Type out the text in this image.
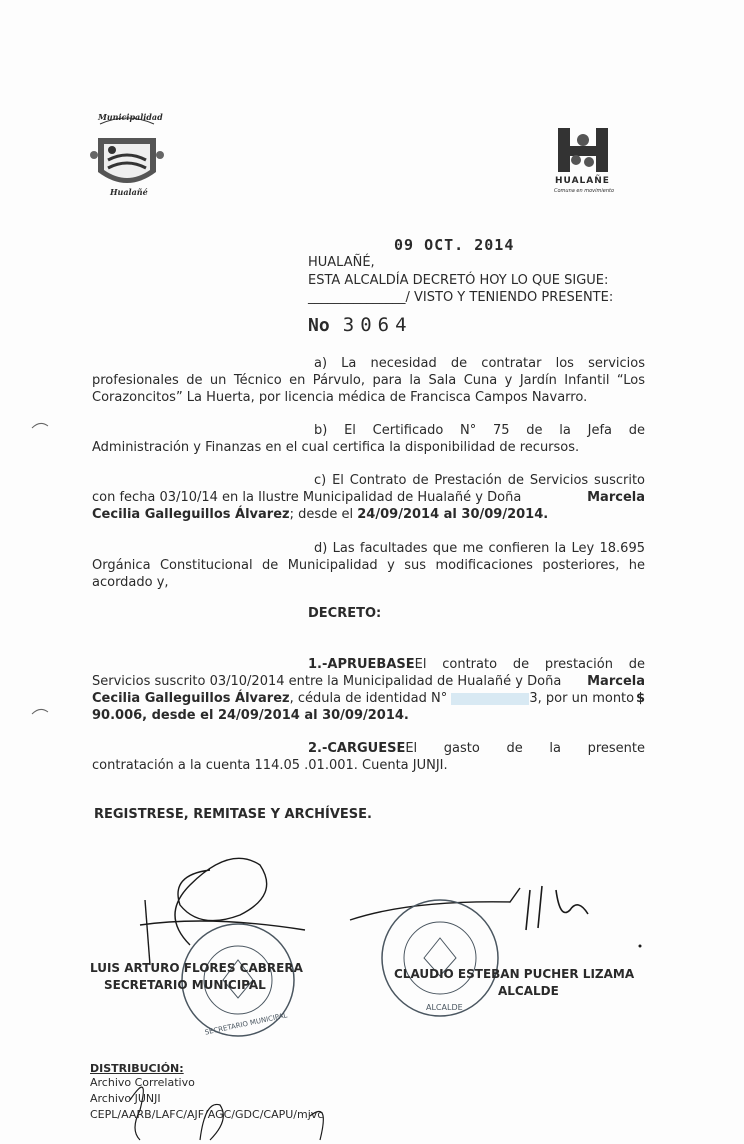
Municipalidad
Hualañé
HUALAÑE
Comuna en movimiento
09 OCT. 2014
HUALAÑÉ,
ESTA ALCALDÍA DECRETÓ HOY LO QUE SIGUE:
_______________/ VISTO Y TENIENDO PRESENTE:
No 3064
a) La necesidad de contratar los servicios
profesionales de un Técnico en Párvulo, para la Sala Cuna y Jardín Infantil “Los
Corazoncitos” La Huerta, por licencia médica de Francisca Campos Navarro.
b) El Certificado N° 75 de la Jefa de
Administración y Finanzas en el cual certifica la disponibilidad de recursos.
c) El Contrato de Prestación de Servicios suscrito
con fecha 03/10/14 en la Ilustre Municipalidad de Hualañé y Doña	Marcela
Cecilia Galleguillos Álvarez; desde el 24/09/2014 al 30/09/2014.
d) Las facultades que me confieren la Ley 18.695
Orgánica Constitucional de Municipalidad y sus modificaciones posteriores, he
acordado y,
DECRETO:
1.-APRUEBASE El contrato de prestación de
Servicios suscrito 03/10/2014 entre la Municipalidad de Hualañé y Doña Marcela
Cecilia Galleguillos Álvarez, cédula de identidad N°	3, por un monto $
90.006, desde el 24/09/2014 al 30/09/2014.
2.-CARGUESE El gasto de la presente
contratación a la cuenta 114.05 .01.001. Cuenta JUNJI.
REGISTRESE, REMITASE Y ARCHÍVESE.
SECRETARIO MUNICIPAL
LUIS ARTURO FLORES CABRERA
SECRETARIO MUNICIPAL
ALCALDE
CLAUDIO ESTEBAN PUCHER LIZAMA
ALCALDE
DISTRIBUCIÓN:
Archivo Correlativo
Archivo JUNJI
CEPL/AARB/LAFC/AJF/AGC/GDC/CAPU/mjvc
